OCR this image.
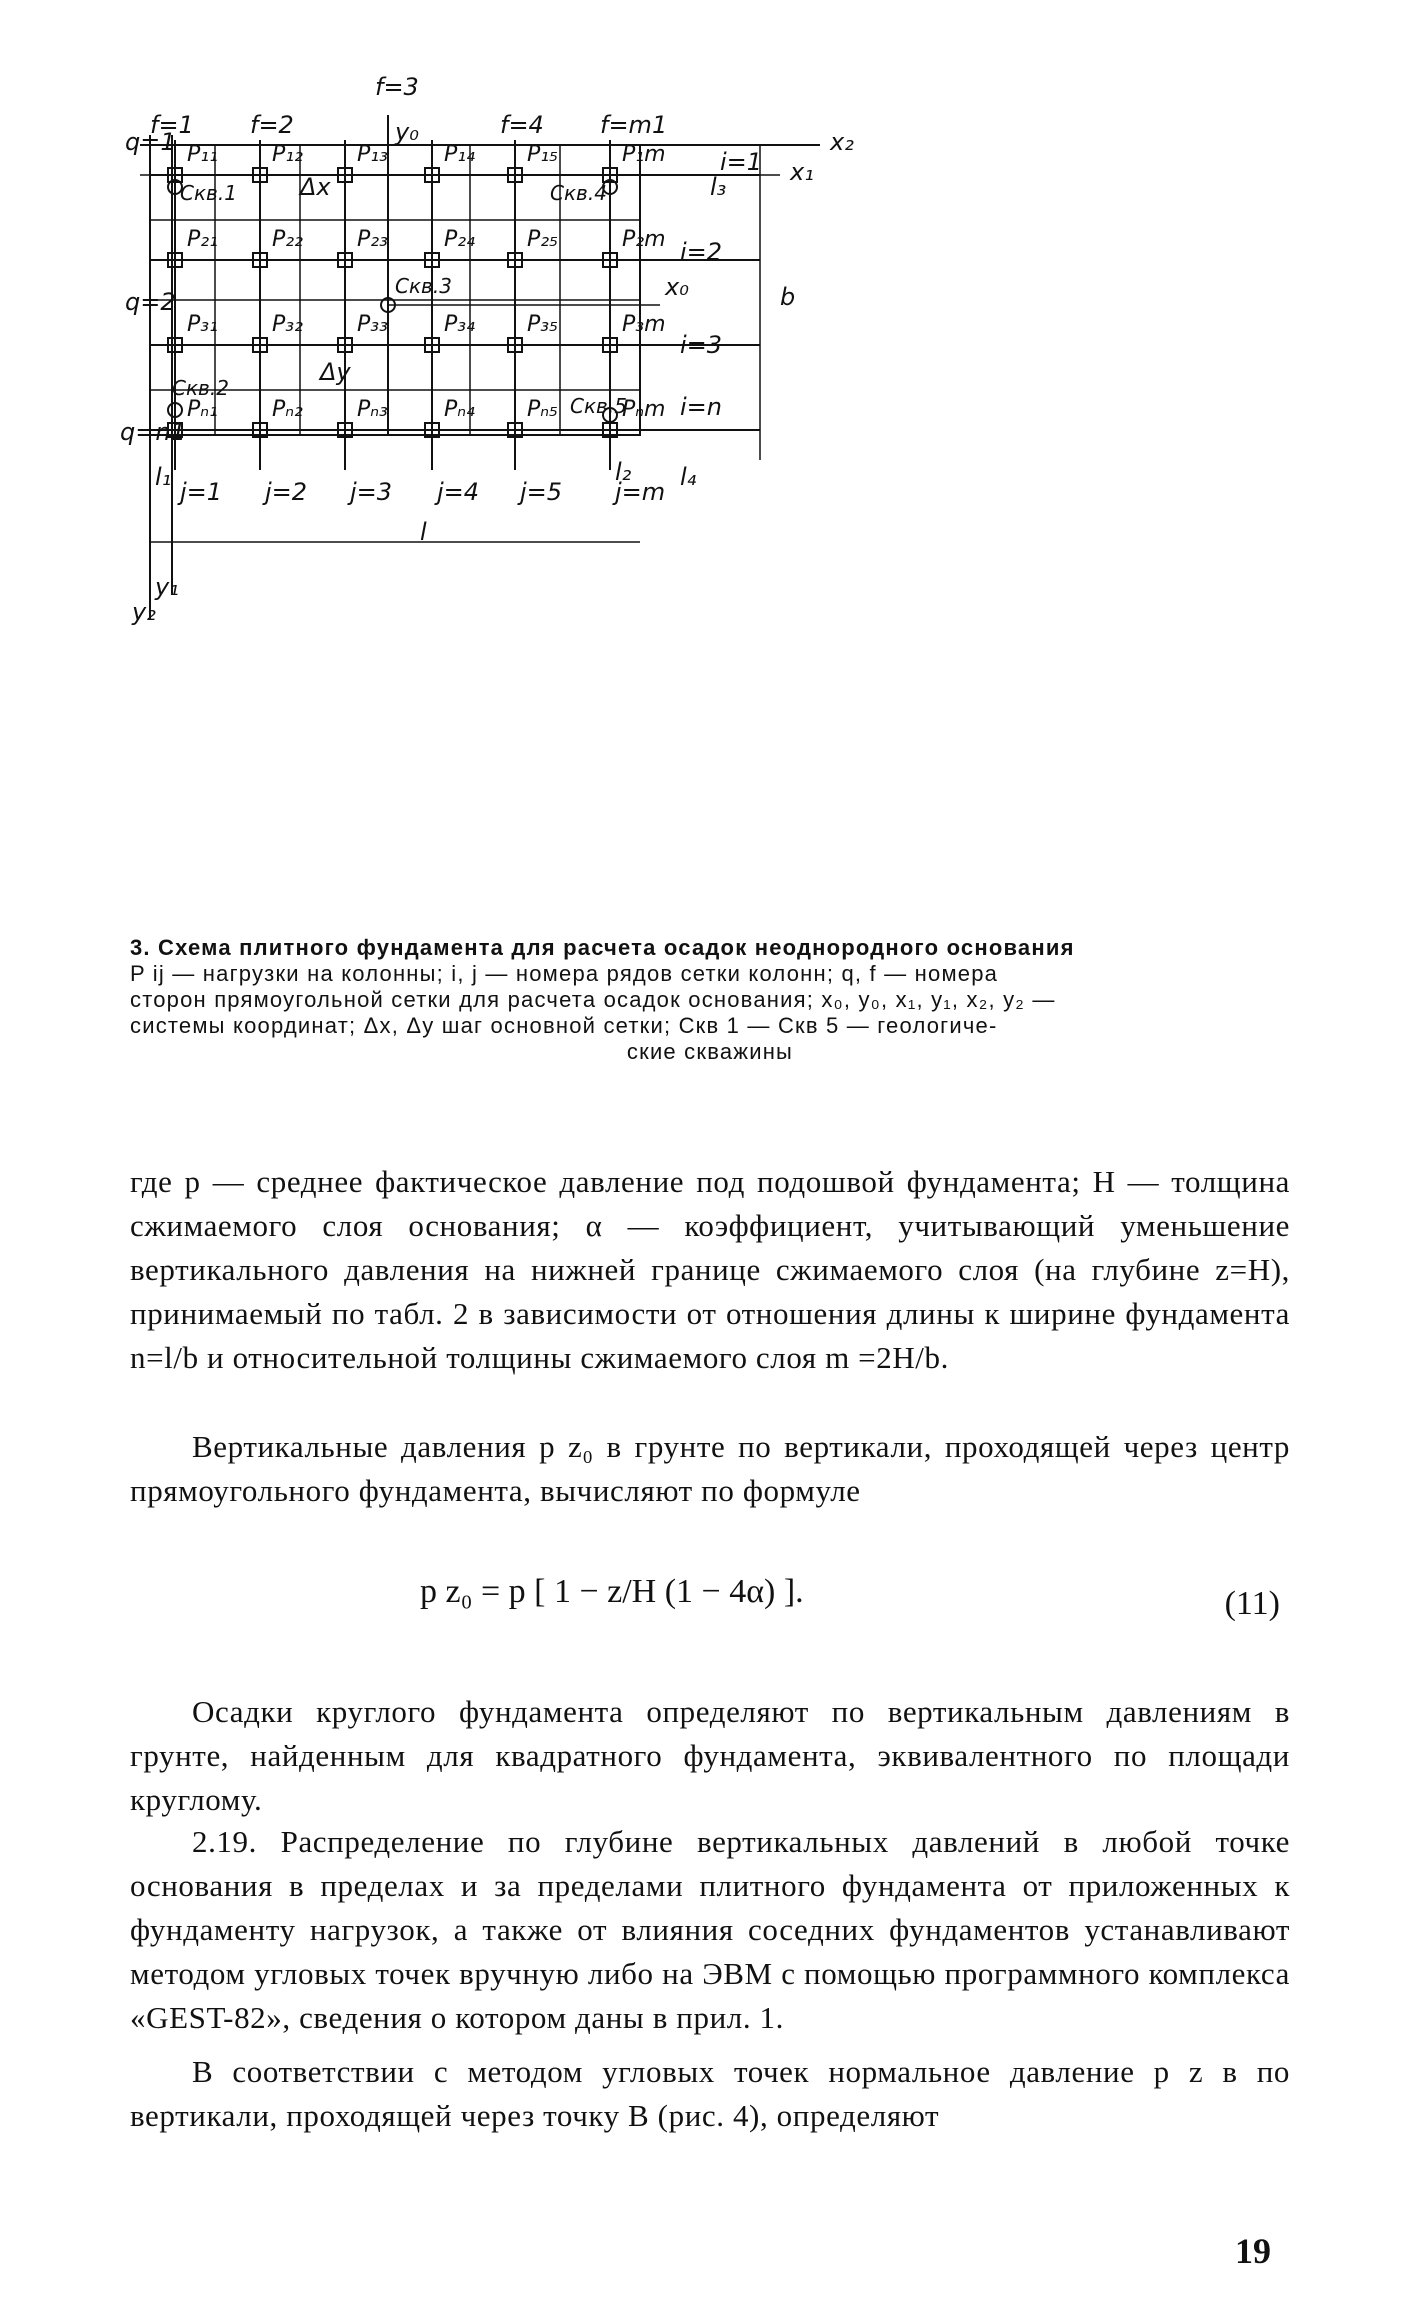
q=1
q=2
q=n1
f=1 f=2
f=3
f=4 f=m1
j=1 j=2 j=3 j=4 j=5 j=m
i=1
i=2
i=3
i=n
x₂
x₁
x₀
y₀
y₁
y₂
P₁₁ P₁₂ P₁₃	P₁₄ P₁₅	P₁m
P₂₁ P₂₂ P₂₃	P₂₄ P₂₅	P₂m
P₃₁ P₃₂ P₃₃	P₃₄ P₃₅	P₃m
Pₙ₁ Pₙ₂ Pₙ₃	Pₙ₄ Pₙ₅	Pₙm
Скв.1
Скв.2
Скв.3
Скв.4
Скв.5
Δx
Δy
l₁	l₂
l₃
l₄
l
b

3. Схема плитного фундамента для расчета осадок неоднородного основания

P ij — нагрузки на колонны; i, j — номера рядов сетки колонн; q, f — номера

сторон прямоугольной сетки для расчета осадок основания; x₀, y₀, x₁, y₁, x₂, y₂ —

системы координат; Δx, Δy шаг основной сетки; Скв 1 — Скв 5 — геологиче-

ские скважины

где p — среднее фактическое давление под подошвой фундамента; H — толщина сжимаемого слоя основания; α — коэффициент, учитывающий уменьшение вертикального давления на нижней границе сжимаемого слоя (на глубине z=H), принимаемый по табл. 2 в зависимости от отношения длины к ширине фундамента n=l/b и относительной толщины сжимаемого слоя m =2H/b.

Вертикальные давления p z₀ в грунте по вертикали, проходящей через центр прямоугольного фундамента, вычисляют по формуле

p z₀ = p [ 1 − z/H (1 − 4α) ].	(11)

Осадки круглого фундамента определяют по вертикальным давлениям в грунте, найденным для квадратного фундамента, эквивалентного по площади круглому.

2.19. Распределение по глубине вертикальных давлений в любой точке основания в пределах и за пределами плитного фундамента от приложенных к фундаменту нагрузок, а также от влияния соседних фундаментов устанавливают методом угловых точек вручную либо на ЭВМ с помощью программного комплекса «GEST-82», сведения о котором даны в прил. 1.

В соответствии с методом угловых точек нормальное давление p z в по вертикали, проходящей через точку B (рис. 4), определяют

19
